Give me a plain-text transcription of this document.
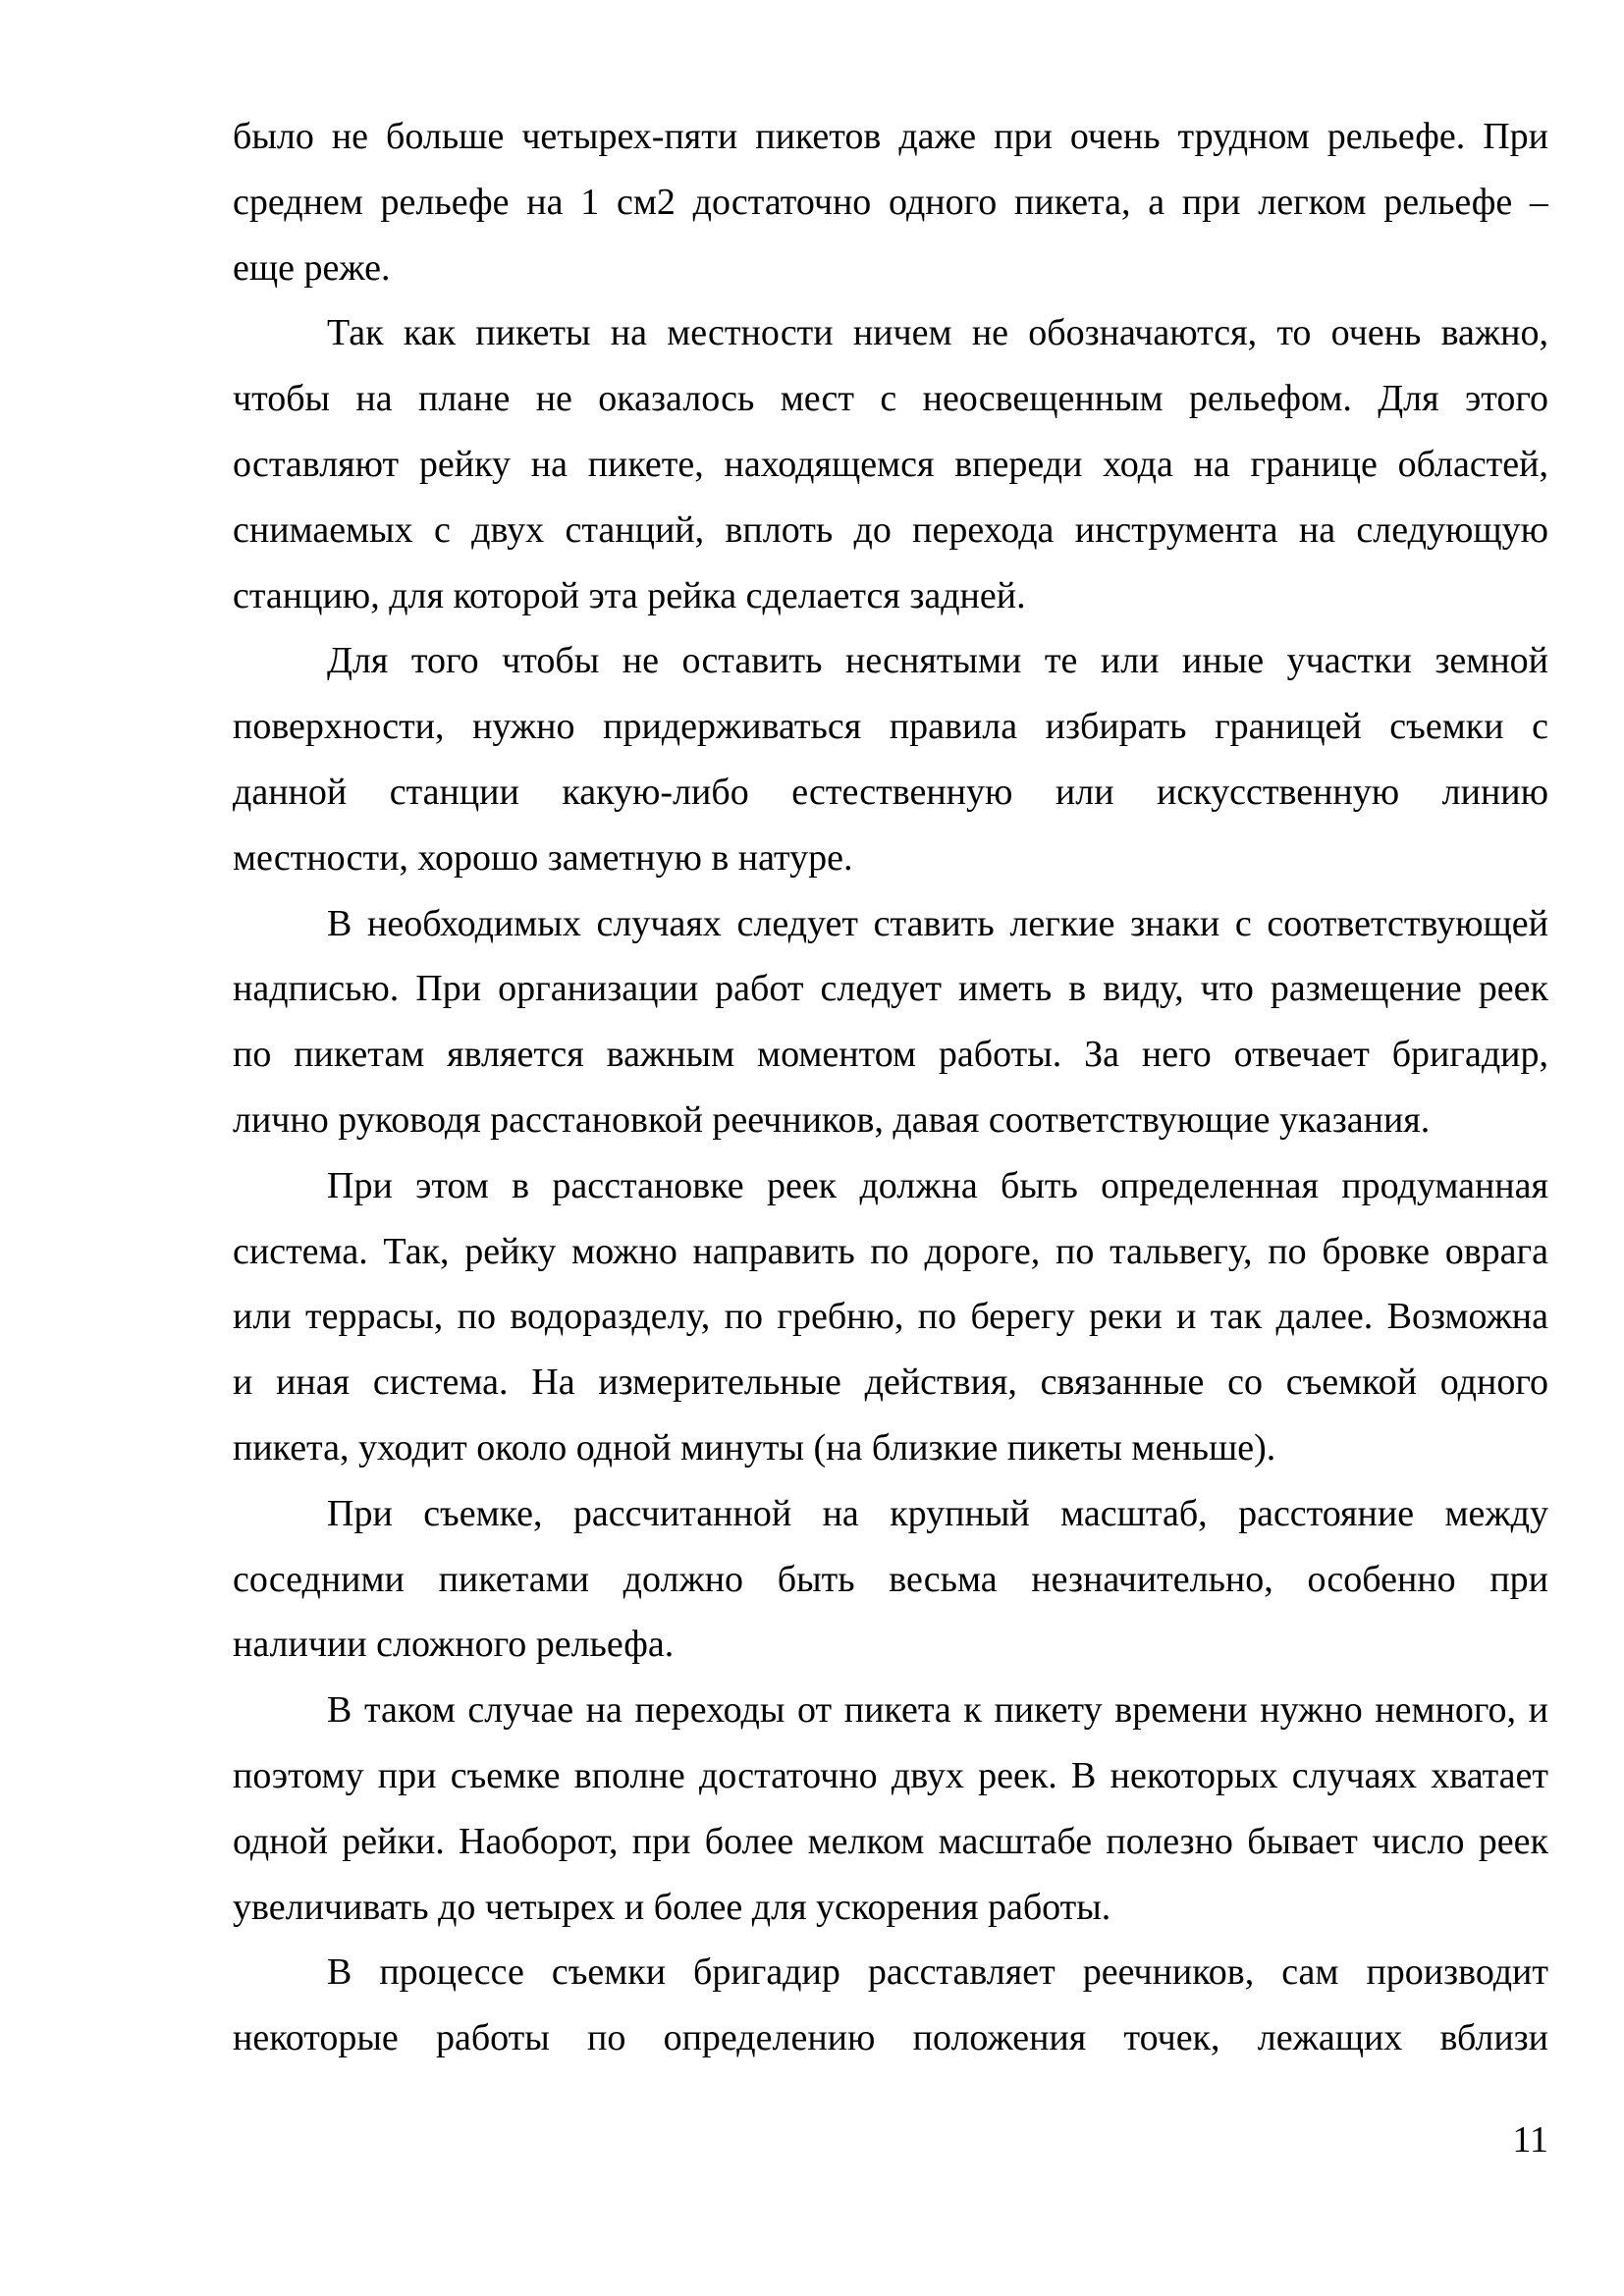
было не больше четырех-пяти пикетов даже при очень трудном рельефе. При
среднем рельефе на 1 см2 достаточно одного пикета, а при легком рельефе –
еще реже.

Так как пикеты на местности ничем не обозначаются, то очень важно,
чтобы на плане не оказалось мест с неосвещенным рельефом. Для этого
оставляют рейку на пикете, находящемся впереди хода на границе областей,
снимаемых с двух станций, вплоть до перехода инструмента на следующую
станцию, для которой эта рейка сделается задней.

Для того чтобы не оставить неснятыми те или иные участки земной
поверхности, нужно придерживаться правила избирать границей съемки с
данной станции какую-либо естественную или искусственную линию
местности, хорошо заметную в натуре.

В необходимых случаях следует ставить легкие знаки с соответствующей
надписью. При организации работ следует иметь в виду, что размещение реек
по пикетам является важным моментом работы. За него отвечает бригадир,
лично руководя расстановкой реечников, давая соответствующие указания.

При этом в расстановке реек должна быть определенная продуманная
система. Так, рейку можно направить по дороге, по тальвегу, по бровке оврага
или террасы, по водоразделу, по гребню, по берегу реки и так далее. Возможна
и иная система. На измерительные действия, связанные со съемкой одного
пикета, уходит около одной минуты (на близкие пикеты меньше).

При съемке, рассчитанной на крупный масштаб, расстояние между
соседними пикетами должно быть весьма незначительно, особенно при
наличии сложного рельефа.

В таком случае на переходы от пикета к пикету времени нужно немного, и
поэтому при съемке вполне достаточно двух реек. В некоторых случаях хватает
одной рейки. Наоборот, при более мелком масштабе полезно бывает число реек
увеличивать до четырех и более для ускорения работы.

В процессе съемки бригадир расставляет реечников, сам производит
некоторые работы по определению положения точек, лежащих вблизи

11
